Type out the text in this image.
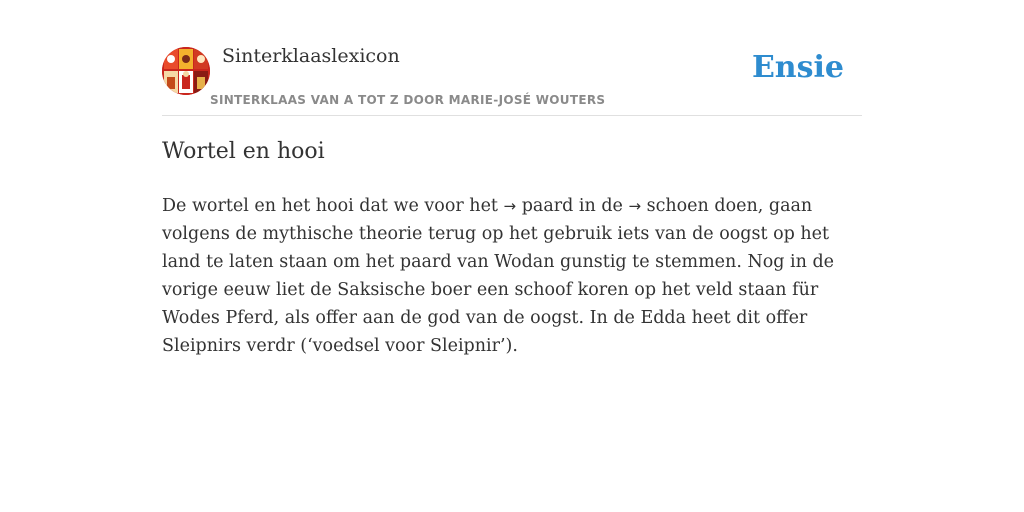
Sinterklaaslexicon
SINTERKLAAS VAN A TOT Z DOOR MARIE-JOSÉ WOUTERS
Ensie
Wortel en hooi

De wortel en het hooi dat we voor het → paard in de → schoen doen, gaan volgens de mythische theorie terug op het gebruik iets van de oogst op het land te laten staan om het paard van Wodan gunstig te stemmen. Nog in de vorige eeuw liet de Saksische boer een schoof koren op het veld staan für Wodes Pferd, als offer aan de god van de oogst. In de Edda heet dit offer Sleipnirs verdr (‘voedsel voor Sleipnir’).
